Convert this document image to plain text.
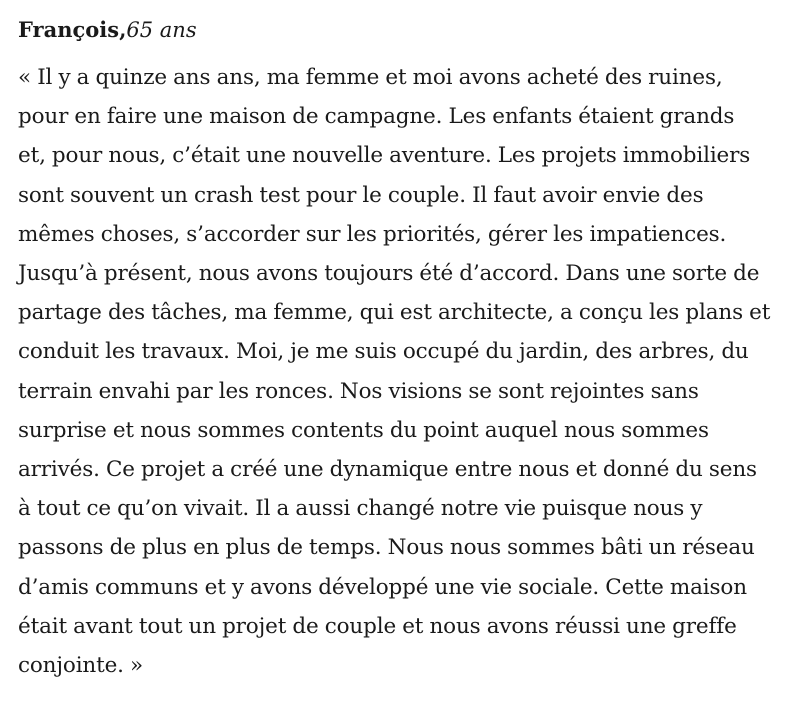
François,65 ans

« Il y a quinze ans ans, ma femme et moi avons acheté des ruines,
pour en faire une maison de campagne. Les enfants étaient grands
et, pour nous, c’était une nouvelle aventure. Les projets immobiliers
sont souvent un crash test pour le couple. Il faut avoir envie des
mêmes choses, s’accorder sur les priorités, gérer les impatiences.
Jusqu’à présent, nous avons toujours été d’accord. Dans une sorte de
partage des tâches, ma femme, qui est architecte, a conçu les plans et
conduit les travaux. Moi, je me suis occupé du jardin, des arbres, du
terrain envahi par les ronces. Nos visions se sont rejointes sans
surprise et nous sommes contents du point auquel nous sommes
arrivés. Ce projet a créé une dynamique entre nous et donné du sens
à tout ce qu’on vivait. Il a aussi changé notre vie puisque nous y
passons de plus en plus de temps. Nous nous sommes bâti un réseau
d’amis communs et y avons développé une vie sociale. Cette maison
était avant tout un projet de couple et nous avons réussi une greffe
conjointe. »
